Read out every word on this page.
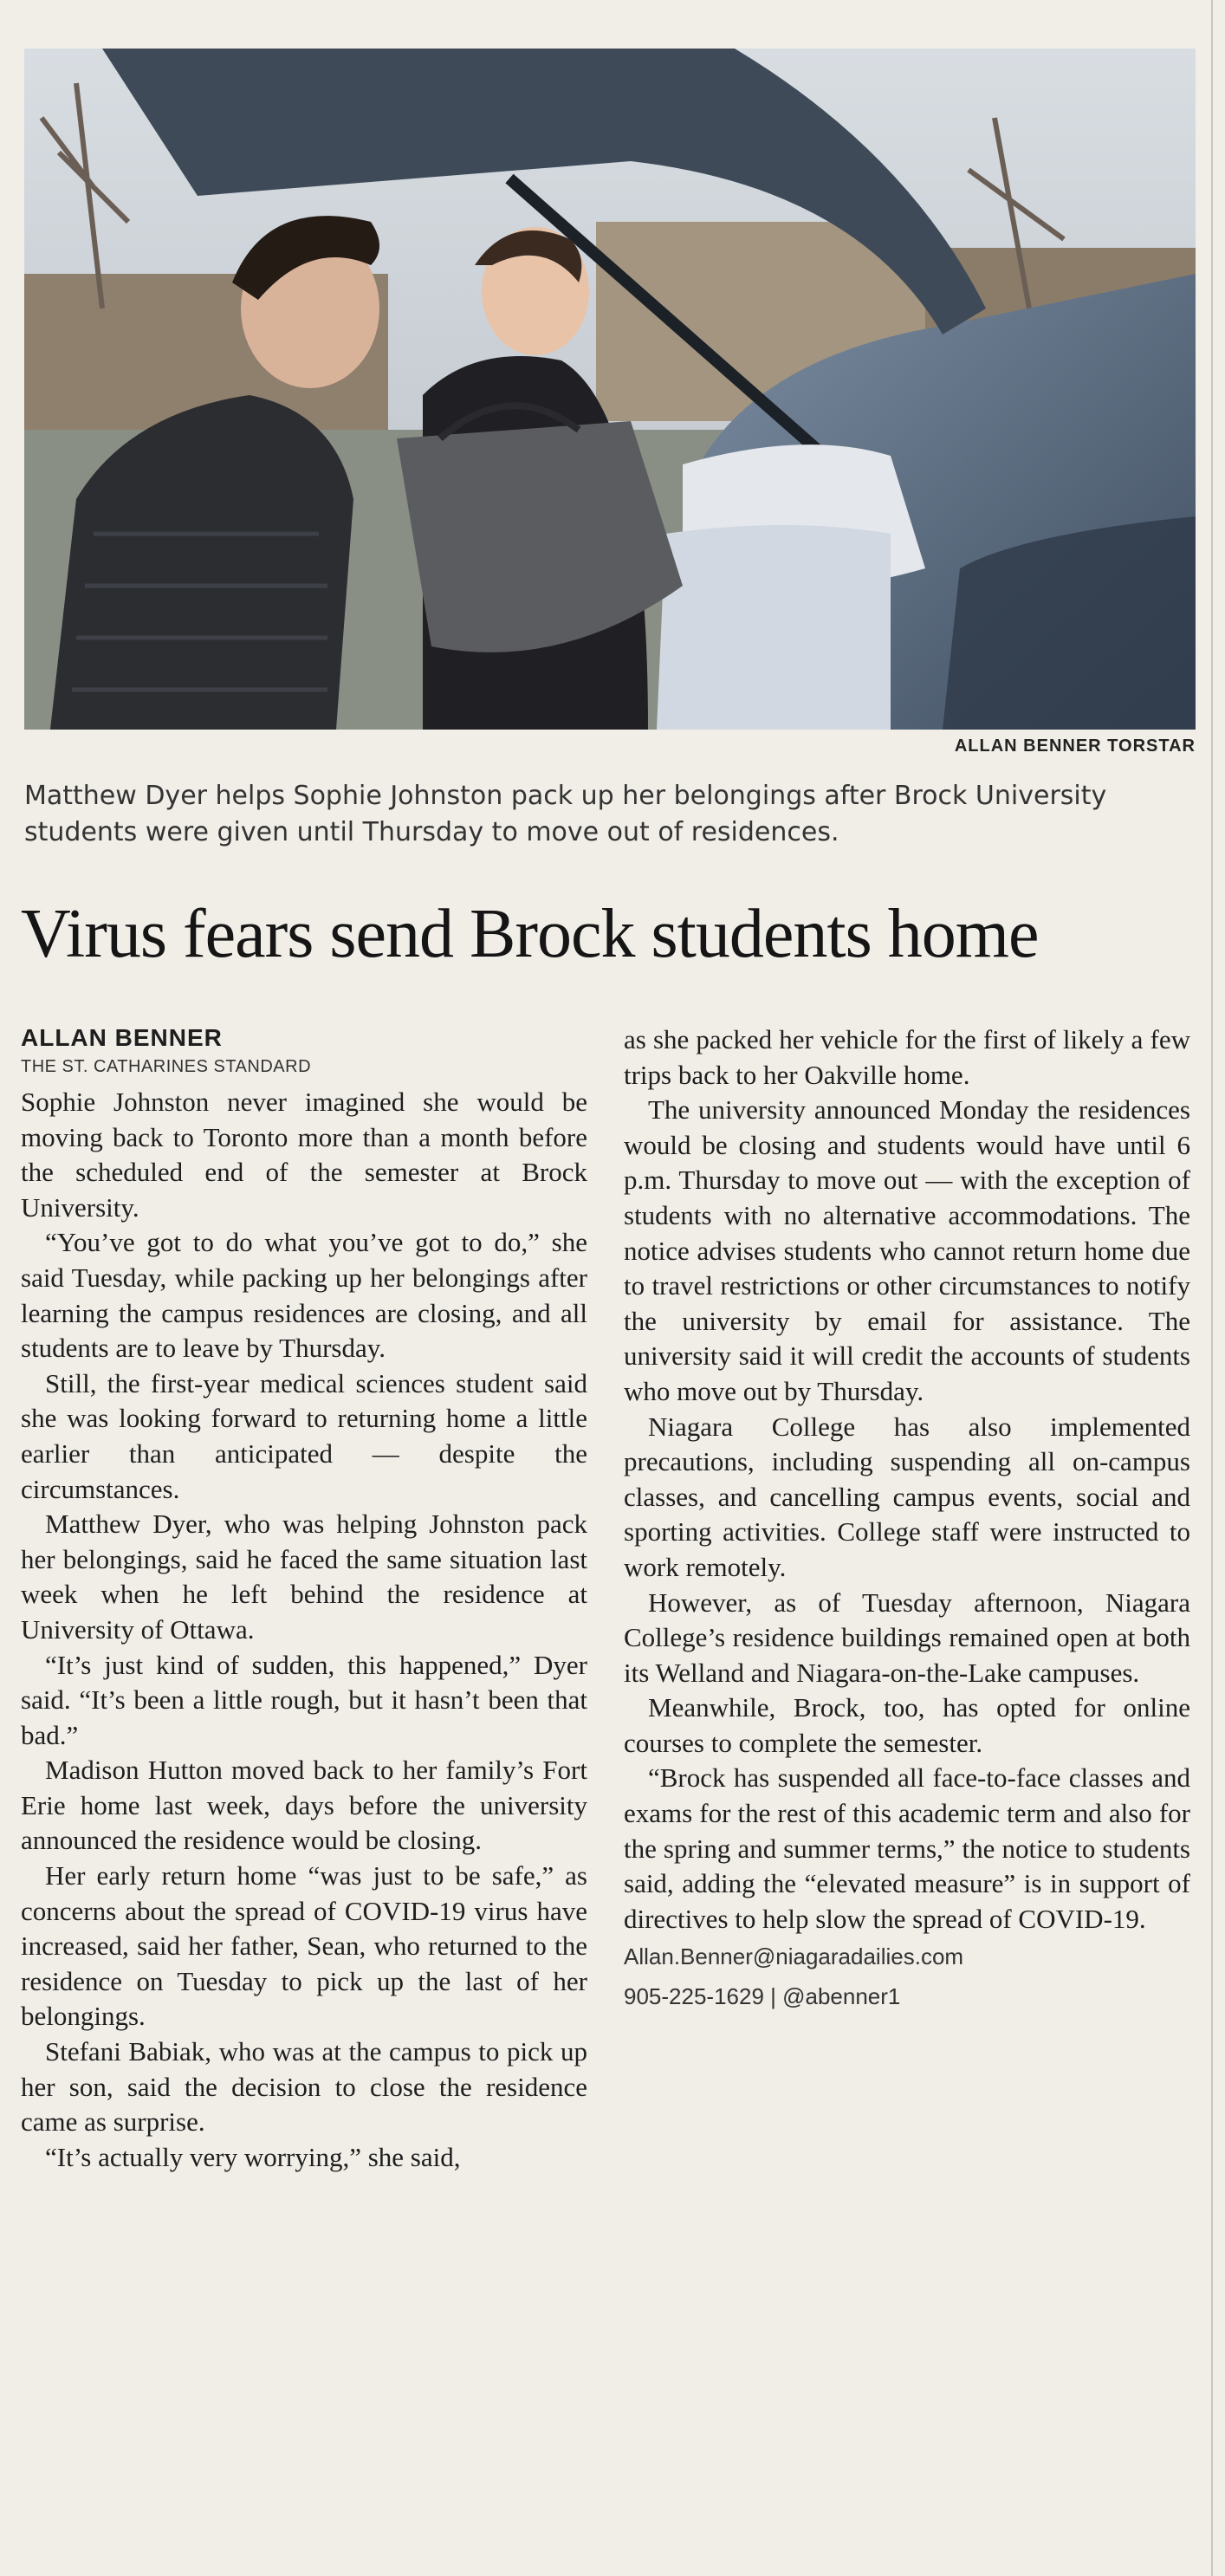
ALLAN BENNER TORSTAR
Matthew Dyer helps Sophie Johnston pack up her belongings after Brock University students were given until Thursday to move out of residences.
Virus fears send Brock students home
ALLAN BENNER
THE ST. CATHARINES STANDARD

Sophie Johnston never imagined she would be moving back to Toronto more than a month before the scheduled end of the semester at Brock University.

“You’ve got to do what you’ve got to do,” she said Tuesday, while packing up her belongings after learning the campus residences are closing, and all students are to leave by Thursday.

Still, the first-year medical sciences student said she was looking forward to returning home a little earlier than anticipated — despite the circumstances.

Matthew Dyer, who was helping Johnston pack her belongings, said he faced the same situation last week when he left behind the residence at University of Ottawa.

“It’s just kind of sudden, this happened,” Dyer said. “It’s been a little rough, but it hasn’t been that bad.”

Madison Hutton moved back to her family’s Fort Erie home last week, days before the university announced the residence would be closing.

Her early return home “was just to be safe,” as concerns about the spread of COVID-19 virus have increased, said her father, Sean, who returned to the residence on Tuesday to pick up the last of her belongings.

Stefani Babiak, who was at the campus to pick up her son, said the decision to close the residence came as surprise.

“It’s actually very worrying,” she said,

as she packed her vehicle for the first of likely a few trips back to her Oakville home.

The university announced Monday the residences would be closing and students would have until 6 p.m. Thursday to move out — with the exception of students with no alternative accommodations. The notice advises students who cannot return home due to travel restrictions or other circumstances to notify the university by email for assistance. The university said it will credit the accounts of students who move out by Thursday.

Niagara College has also implemented precautions, including suspending all on-campus classes, and cancelling campus events, social and sporting activities. College staff were instructed to work remotely.

However, as of Tuesday afternoon, Niagara College’s residence buildings remained open at both its Welland and Niagara-on-the-Lake campuses.

Meanwhile, Brock, too, has opted for online courses to complete the semester.

“Brock has suspended all face-to-face classes and exams for the rest of this academic term and also for the spring and summer terms,” the notice to students said, adding the “elevated measure” is in support of directives to help slow the spread of COVID-19.

Allan.Benner@niagaradailies.com
905-225-1629 | @abenner1
